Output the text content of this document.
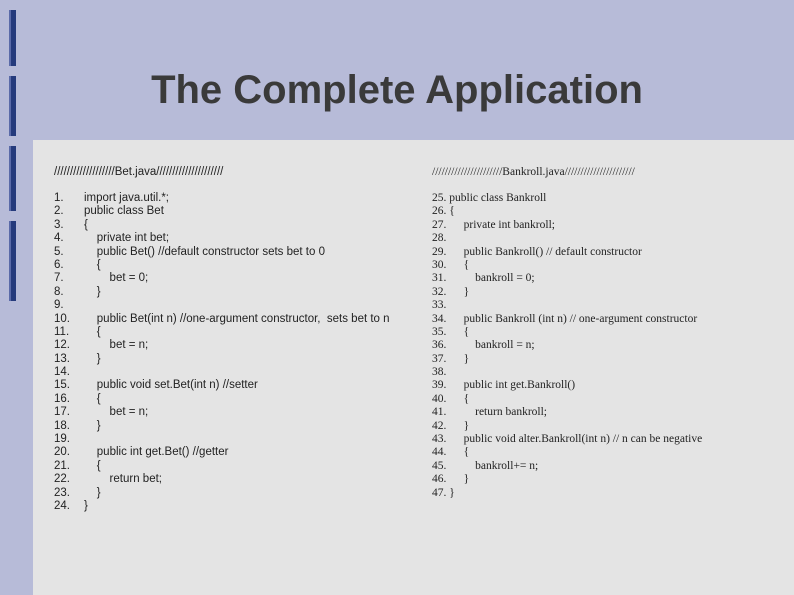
The Complete Application
///////////////////Bet.java/////////////////////
1. import java.util.*;
2. public class Bet
3. {
4.    private int bet;
5.    public Bet() //default constructor sets bet to 0
6.    {
7.        bet = 0;
8.    }
9.
10.    public Bet(int n) //one-argument constructor,  sets bet to n
11.    {
12.        bet = n;
13.    }
14.
15.    public void set.Bet(int n) //setter
16.    {
17.        bet = n;
18.    }
19.
20.    public int get.Bet() //getter
21.    {
22.        return bet;
23.    }
24. }
//////////////////////Bankroll.java//////////////////////
25. public class Bankroll
26. {
27.      private int bankroll;
28.
29.      public Bankroll() // default constructor
30.      {
31.          bankroll = 0;
32.      }
33.
34.      public Bankroll (int n) // one-argument constructor
35.      {
36.          bankroll = n;
37.      }
38.
39.      public int get.Bankroll()
40.      {
41.          return bankroll;
42.      }
43.      public void alter.Bankroll(int n) // n can be negative
44.      {
45.          bankroll+= n;
46.      }
47. }
